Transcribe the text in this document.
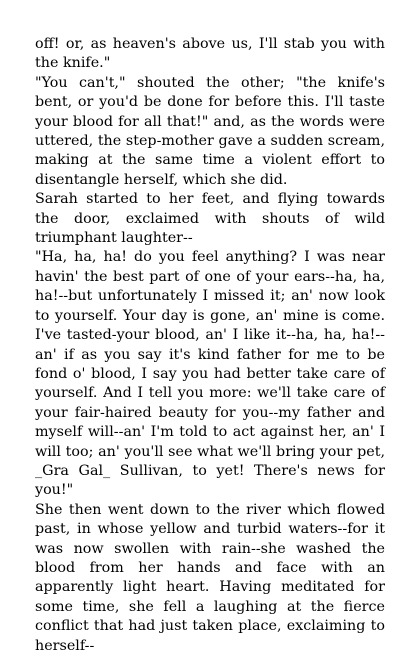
off! or, as heaven's above us, I'll stab you with the knife."

"You can't," shouted the other; "the knife's bent, or you'd be done for before this. I'll taste your blood for all that!" and, as the words were uttered, the step-mother gave a sudden scream, making at the same time a violent effort to disentangle herself, which she did.

Sarah started to her feet, and flying towards the door, exclaimed with shouts of wild triumphant laughter--

"Ha, ha, ha! do you feel anything? I was near havin' the best part of one of your ears--ha, ha, ha!--but unfortunately I missed it; an' now look to yourself. Your day is gone, an' mine is come. I've tasted-your blood, an' I like it--ha, ha, ha!--an' if as you say it's kind father for me to be fond o' blood, I say you had better take care of yourself. And I tell you more: we'll take care of your fair-haired beauty for you--my father and myself will--an' I'm told to act against her, an' I will too; an' you'll see what we'll bring your pet, _Gra Gal_ Sullivan, to yet! There's news for you!"

She then went down to the river which flowed past, in whose yellow and turbid waters--for it was now swollen with rain--she washed the blood from her hands and face with an apparently light heart. Having meditated for some time, she fell a laughing at the fierce conflict that had just taken place, exclaiming to herself--
